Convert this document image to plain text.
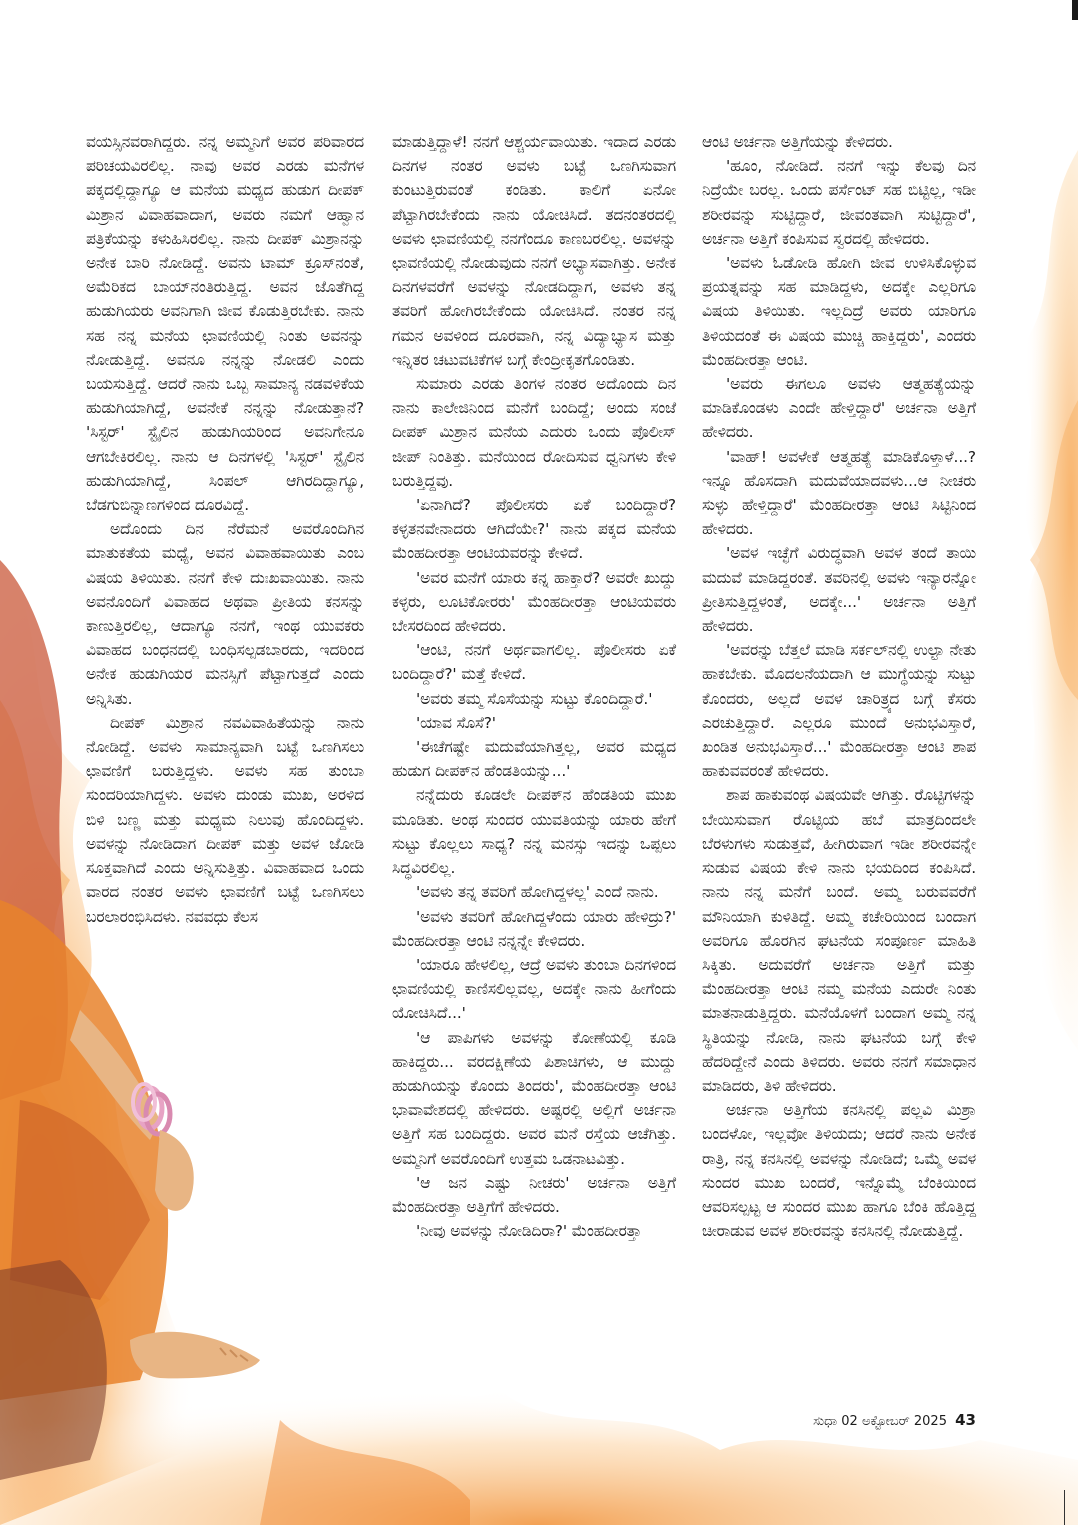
ವಯಸ್ಸಿನವರಾಗಿದ್ದರು. ನನ್ನ ಅಮ್ಮನಿಗೆ ಅವರ ಪರಿವಾರದ ಪರಿಚಯವಿರಲಿಲ್ಲ. ನಾವು ಅವರ ಎರಡು ಮನೆಗಳ ಪಕ್ಕದಲ್ಲಿದ್ದಾಗ್ಯೂ ಆ ಮನೆಯ ಮಧ್ಯದ ಹುಡುಗ ದೀಪಕ್ ಮಿಶ್ರಾನ ವಿವಾಹವಾದಾಗ, ಅವರು ನಮಗೆ ಆಹ್ವಾನ ಪತ್ರಿಕೆಯನ್ನು ಕಳುಹಿಸಿರಲಿಲ್ಲ. ನಾನು ದೀಪಕ್ ಮಿಶ್ರಾನನ್ನು ಅನೇಕ ಬಾರಿ ನೋಡಿದ್ದೆ. ಅವನು ಟಾಮ್ ಕ್ರೂಸ್‌ನಂತೆ, ಅಮೆರಿಕದ ಬಾಯ್‌ನಂತಿರುತ್ತಿದ್ದ. ಅವನ ಜೊತೆಗಿದ್ದ ಹುಡುಗಿಯರು ಅವನಿಗಾಗಿ ಜೀವ ಕೊಡುತ್ತಿರಬೇಕು. ನಾನು ಸಹ ನನ್ನ ಮನೆಯ ಛಾವಣಿಯಲ್ಲಿ ನಿಂತು ಅವನನ್ನು ನೋಡುತ್ತಿದ್ದೆ. ಅವನೂ ನನ್ನನ್ನು ನೋಡಲಿ ಎಂದು ಬಯಸುತ್ತಿದ್ದೆ. ಆದರೆ ನಾನು ಒಬ್ಬ ಸಾಮಾನ್ಯ ನಡವಳಿಕೆಯ ಹುಡುಗಿಯಾಗಿದ್ದೆ, ಅವನೇಕೆ ನನ್ನನ್ನು ನೋಡುತ್ತಾನೆ? 'ಸಿಸ್ಟರ್' ಸ್ಟೈಲಿನ ಹುಡುಗಿಯರಿಂದ ಅವನಿಗೇನೂ ಆಗಬೇಕಿರಲಿಲ್ಲ. ನಾನು ಆ ದಿನಗಳಲ್ಲಿ 'ಸಿಸ್ಟರ್' ಸ್ಟೈಲಿನ ಹುಡುಗಿಯಾಗಿದ್ದೆ, ಸಿಂಪಲ್ ಆಗಿರದಿದ್ದಾಗ್ಯೂ, ಬೆಡಗುಬಿನ್ನಾಣಗಳಿಂದ ದೂರವಿದ್ದೆ.

ಅದೊಂದು ದಿನ ನೆರೆಮನೆ ಅವರೊಂದಿಗಿನ ಮಾತುಕತೆಯ ಮಧ್ಯೆ, ಅವನ ವಿವಾಹವಾಯಿತು ಎಂಬ ವಿಷಯ ತಿಳಿಯಿತು. ನನಗೆ ಕೇಳಿ ದುಃಖವಾಯಿತು. ನಾನು ಅವನೊಂದಿಗೆ ವಿವಾಹದ ಅಥವಾ ಪ್ರೀತಿಯ ಕನಸನ್ನು ಕಾಣುತ್ತಿರಲಿಲ್ಲ, ಆದಾಗ್ಯೂ ನನಗೆ, ಇಂಥ ಯುವಕರು ವಿವಾಹದ ಬಂಧನದಲ್ಲಿ ಬಂಧಿಸಲ್ಪಡಬಾರದು, ಇದರಿಂದ ಅನೇಕ ಹುಡುಗಿಯರ ಮನಸ್ಸಿಗೆ ಪೆಟ್ಟಾಗುತ್ತದೆ ಎಂದು ಅನ್ನಿಸಿತು.

ದೀಪಕ್ ಮಿಶ್ರಾನ ನವವಿವಾಹಿತೆಯನ್ನು ನಾನು ನೋಡಿದ್ದೆ. ಅವಳು ಸಾಮಾನ್ಯವಾಗಿ ಬಟ್ಟೆ ಒಣಗಿಸಲು ಛಾವಣಿಗೆ ಬರುತ್ತಿದ್ದಳು. ಅವಳು ಸಹ ತುಂಬಾ ಸುಂದರಿಯಾಗಿದ್ದಳು. ಅವಳು ದುಂಡು ಮುಖ, ಅರಳಿದ ಬಿಳಿ ಬಣ್ಣ ಮತ್ತು ಮಧ್ಯಮ ನಿಲುವು ಹೊಂದಿದ್ದಳು. ಅವಳನ್ನು ನೋಡಿದಾಗ ದೀಪಕ್ ಮತ್ತು ಅವಳ ಜೋಡಿ ಸೂಕ್ತವಾಗಿದೆ ಎಂದು ಅನ್ನಿಸುತ್ತಿತ್ತು. ವಿವಾಹವಾದ ಒಂದು ವಾರದ ನಂತರ ಅವಳು ಛಾವಣಿಗೆ ಬಟ್ಟೆ ಒಣಗಿಸಲು ಬರಲಾರಂಭಿಸಿದಳು. ನವವಧು ಕೆಲಸ

ಮಾಡುತ್ತಿದ್ದಾಳೆ! ನನಗೆ ಆಶ್ಚರ್ಯವಾಯಿತು. ಇದಾದ ಎರಡು ದಿನಗಳ ನಂತರ ಅವಳು ಬಟ್ಟೆ ಒಣಗಿಸುವಾಗ ಕುಂಟುತ್ತಿರುವಂತೆ ಕಂಡಿತು. ಕಾಲಿಗೆ ಏನೋ ಪೆಟ್ಟಾಗಿರಬೇಕೆಂದು ನಾನು ಯೋಚಿಸಿದೆ. ತದನಂತರದಲ್ಲಿ ಅವಳು ಛಾವಣಿಯಲ್ಲಿ ನನಗೆಂದೂ ಕಾಣಬರಲಿಲ್ಲ. ಅವಳನ್ನು ಛಾವಣಿಯಲ್ಲಿ ನೋಡುವುದು ನನಗೆ ಅಭ್ಯಾಸವಾಗಿತ್ತು. ಅನೇಕ ದಿನಗಳವರೆಗೆ ಅವಳನ್ನು ನೋಡದಿದ್ದಾಗ, ಅವಳು ತನ್ನ ತವರಿಗೆ ಹೋಗಿರಬೇಕೆಂದು ಯೋಚಿಸಿದೆ. ನಂತರ ನನ್ನ ಗಮನ ಅವಳಿಂದ ದೂರವಾಗಿ, ನನ್ನ ವಿದ್ಯಾಭ್ಯಾಸ ಮತ್ತು ಇನ್ನಿತರ ಚಟುವಟಿಕೆಗಳ ಬಗ್ಗೆ ಕೇಂದ್ರೀಕೃತಗೊಂಡಿತು.

ಸುಮಾರು ಎರಡು ತಿಂಗಳ ನಂತರ ಅದೊಂದು ದಿನ ನಾನು ಕಾಲೇಜಿನಿಂದ ಮನೆಗೆ ಬಂದಿದ್ದೆ; ಅಂದು ಸಂಜೆ ದೀಪಕ್ ಮಿಶ್ರಾನ ಮನೆಯ ಎದುರು ಒಂದು ಪೊಲೀಸ್ ಜೀಪ್ ನಿಂತಿತ್ತು. ಮನೆಯಿಂದ ರೋದಿಸುವ ಧ್ವನಿಗಳು ಕೇಳಿ ಬರುತ್ತಿದ್ದವು.

'ಏನಾಗಿದೆ? ಪೊಲೀಸರು ಏಕೆ ಬಂದಿದ್ದಾರೆ? ಕಳ್ಳತನವೇನಾದರು ಆಗಿದೆಯೇ?' ನಾನು ಪಕ್ಕದ ಮನೆಯ ಮೆಂಹದೀರತ್ತಾ ಆಂಟಿಯವರನ್ನು ಕೇಳಿದೆ.

'ಅವರ ಮನೆಗೆ ಯಾರು ಕನ್ನ ಹಾಕ್ತಾರೆ? ಅವರೇ ಖುದ್ದು ಕಳ್ಳರು, ಲೂಟಿಕೋರರು' ಮೆಂಹದೀರತ್ತಾ ಆಂಟಿಯವರು ಬೇಸರದಿಂದ ಹೇಳಿದರು.

'ಆಂಟಿ, ನನಗೆ ಅರ್ಥವಾಗಲಿಲ್ಲ. ಪೊಲೀಸರು ಏಕೆ ಬಂದಿದ್ದಾರೆ?' ಮತ್ತೆ ಕೇಳಿದೆ.

'ಅವರು ತಮ್ಮ ಸೊಸೆಯನ್ನು ಸುಟ್ಟು ಕೊಂದಿದ್ದಾರೆ.'

'ಯಾವ ಸೊಸೆ?'

'ಈಚೆಗಷ್ಟೇ ಮದುವೆಯಾಗಿತ್ತಲ್ಲ, ಅವರ ಮಧ್ಯದ ಹುಡುಗ ದೀಪಕ್‌ನ ಹೆಂಡತಿಯನ್ನು...'

ನನ್ನೆದುರು ಕೂಡಲೇ ದೀಪಕ್‌ನ ಹೆಂಡತಿಯ ಮುಖ ಮೂಡಿತು. ಅಂಥ ಸುಂದರ ಯುವತಿಯನ್ನು ಯಾರು ಹೇಗೆ ಸುಟ್ಟು ಕೊಲ್ಲಲು ಸಾಧ್ಯ? ನನ್ನ ಮನಸ್ಸು ಇದನ್ನು ಒಪ್ಪಲು ಸಿದ್ಧವಿರಲಿಲ್ಲ.

'ಅವಳು ತನ್ನ ತವರಿಗೆ ಹೋಗಿದ್ದಳಲ್ಲ' ಎಂದೆ ನಾನು.

'ಅವಳು ತವರಿಗೆ ಹೋಗಿದ್ದಳೆಂದು ಯಾರು ಹೇಳಿದ್ರು?' ಮೆಂಹದೀರತ್ತಾ ಆಂಟಿ ನನ್ನನ್ನೇ ಕೇಳಿದರು.

'ಯಾರೂ ಹೇಳಲಿಲ್ಲ, ಆದ್ರೆ ಅವಳು ತುಂಬಾ ದಿನಗಳಿಂದ ಛಾವಣಿಯಲ್ಲಿ ಕಾಣಿಸಲಿಲ್ಲವಲ್ಲ, ಅದಕ್ಕೇ ನಾನು ಹೀಗೆಂದು ಯೋಚಿಸಿದೆ...'

'ಆ ಪಾಪಿಗಳು ಅವಳನ್ನು ಕೋಣೆಯಲ್ಲಿ ಕೂಡಿ ಹಾಕಿದ್ದರು... ವರದಕ್ಷಿಣೆಯ ಪಿಶಾಚಿಗಳು, ಆ ಮುದ್ದು ಹುಡುಗಿಯನ್ನು ಕೊಂದು ತಿಂದರು', ಮೆಂಹದೀರತ್ತಾ ಆಂಟಿ ಭಾವಾವೇಶದಲ್ಲಿ ಹೇಳಿದರು. ಅಷ್ಟರಲ್ಲಿ ಅಲ್ಲಿಗೆ ಅರ್ಚನಾ ಅತ್ತಿಗೆ ಸಹ ಬಂದಿದ್ದರು. ಅವರ ಮನೆ ರಸ್ತೆಯ ಆಚೆಗಿತ್ತು. ಅಮ್ಮನಿಗೆ ಅವರೊಂದಿಗೆ ಉತ್ತಮ ಒಡನಾಟವಿತ್ತು.

'ಆ ಜನ ಎಷ್ಟು ನೀಚರು' ಅರ್ಚನಾ ಅತ್ತಿಗೆ ಮೆಂಹದೀರತ್ತಾ ಅತ್ತಿಗೆಗೆ ಹೇಳಿದರು.

'ನೀವು ಅವಳನ್ನು ನೋಡಿದಿರಾ?' ಮೆಂಹದೀರತ್ತಾ

ಆಂಟಿ ಅರ್ಚನಾ ಅತ್ತಿಗೆಯನ್ನು ಕೇಳಿದರು.

'ಹೂಂ, ನೋಡಿದೆ. ನನಗೆ ಇನ್ನು ಕೆಲವು ದಿನ ನಿದ್ರೆಯೇ ಬರಲ್ಲ. ಒಂದು ಪರ್ಸೆಂಟ್ ಸಹ ಬಿಟ್ಟಿಲ್ಲ, ಇಡೀ ಶರೀರವನ್ನು ಸುಟ್ಟಿದ್ದಾರೆ, ಜೀವಂತವಾಗಿ ಸುಟ್ಟಿದ್ದಾರೆ', ಅರ್ಚನಾ ಅತ್ತಿಗೆ ಕಂಪಿಸುವ ಸ್ವರದಲ್ಲಿ ಹೇಳಿದರು.

'ಅವಳು ಓಡೋಡಿ ಹೋಗಿ ಜೀವ ಉಳಿಸಿಕೊಳ್ಳುವ ಪ್ರಯತ್ನವನ್ನು ಸಹ ಮಾಡಿದ್ದಳು, ಅದಕ್ಕೇ ಎಲ್ಲರಿಗೂ ವಿಷಯ ತಿಳಿಯಿತು. ಇಲ್ಲದಿದ್ರೆ ಅವರು ಯಾರಿಗೂ ತಿಳಿಯದಂತೆ ಈ ವಿಷಯ ಮುಚ್ಚಿ ಹಾಕ್ತಿದ್ದರು', ಎಂದರು ಮೆಂಹದೀರತ್ತಾ ಆಂಟಿ.

'ಅವರು ಈಗಲೂ ಅವಳು ಆತ್ಮಹತ್ಯೆಯನ್ನು ಮಾಡಿಕೊಂಡಳು ಎಂದೇ ಹೇಳ್ತಿದ್ದಾರೆ' ಅರ್ಚನಾ ಅತ್ತಿಗೆ ಹೇಳಿದರು.

'ವಾಹ್! ಅವಳೇಕೆ ಆತ್ಮಹತ್ಯೆ ಮಾಡಿಕೊಳ್ತಾಳೆ...? ಇನ್ನೂ ಹೊಸದಾಗಿ ಮದುವೆಯಾದವಳು...ಆ ನೀಚರು ಸುಳ್ಳು ಹೇಳ್ತಿದ್ದಾರೆ' ಮೆಂಹದೀರತ್ತಾ ಆಂಟಿ ಸಿಟ್ಟಿನಿಂದ ಹೇಳಿದರು.

'ಅವಳ ಇಚ್ಛೆಗೆ ವಿರುದ್ಧವಾಗಿ ಅವಳ ತಂದೆ ತಾಯಿ ಮದುವೆ ಮಾಡಿದ್ದರಂತೆ. ತವರಿನಲ್ಲಿ ಅವಳು ಇನ್ಯಾರನ್ನೋ ಪ್ರೀತಿಸುತ್ತಿದ್ದಳಂತೆ, ಅದಕ್ಕೇ...' ಅರ್ಚನಾ ಅತ್ತಿಗೆ ಹೇಳಿದರು.

'ಅವರನ್ನು ಬೆತ್ತಲೆ ಮಾಡಿ ಸರ್ಕಲ್‌ನಲ್ಲಿ ಉಲ್ಟಾ ನೇತು ಹಾಕಬೇಕು. ಮೊದಲನೆಯದಾಗಿ ಆ ಮುಗ್ಧೆಯನ್ನು ಸುಟ್ಟು ಕೊಂದರು, ಅಲ್ಲದೆ ಅವಳ ಚಾರಿತ್ರ್ಯದ ಬಗ್ಗೆ ಕೆಸರು ಎರಚುತ್ತಿದ್ದಾರೆ. ಎಲ್ಲರೂ ಮುಂದೆ ಅನುಭವಿಸ್ತಾರೆ, ಖಂಡಿತ ಅನುಭವಿಸ್ತಾರೆ...' ಮೆಂಹದೀರತ್ತಾ ಆಂಟಿ ಶಾಪ ಹಾಕುವವರಂತೆ ಹೇಳಿದರು.

ಶಾಪ ಹಾಕುವಂಥ ವಿಷಯವೇ ಆಗಿತ್ತು. ರೊಟ್ಟಿಗಳನ್ನು ಬೇಯಿಸುವಾಗ ರೊಟ್ಟಿಯ ಹಬೆ ಮಾತ್ರದಿಂದಲೇ ಬೆರಳುಗಳು ಸುಡುತ್ತವೆ, ಹೀಗಿರುವಾಗ ಇಡೀ ಶರೀರವನ್ನೇ ಸುಡುವ ವಿಷಯ ಕೇಳಿ ನಾನು ಭಯದಿಂದ ಕಂಪಿಸಿದೆ. ನಾನು ನನ್ನ ಮನೆಗೆ ಬಂದೆ. ಅಮ್ಮ ಬರುವವರೆಗೆ ಮೌನಿಯಾಗಿ ಕುಳಿತಿದ್ದೆ. ಅಮ್ಮ ಕಚೇರಿಯಿಂದ ಬಂದಾಗ ಅವರಿಗೂ ಹೊರಗಿನ ಘಟನೆಯ ಸಂಪೂರ್ಣ ಮಾಹಿತಿ ಸಿಕ್ಕಿತು. ಅದುವರೆಗೆ ಅರ್ಚನಾ ಅತ್ತಿಗೆ ಮತ್ತು ಮೆಂಹದೀರತ್ತಾ ಆಂಟಿ ನಮ್ಮ ಮನೆಯ ಎದುರೇ ನಿಂತು ಮಾತನಾಡುತ್ತಿದ್ದರು. ಮನೆಯೊಳಗೆ ಬಂದಾಗ ಅಮ್ಮ ನನ್ನ ಸ್ಥಿತಿಯನ್ನು ನೋಡಿ, ನಾನು ಘಟನೆಯ ಬಗ್ಗೆ ಕೇಳಿ ಹೆದರಿದ್ದೇನೆ ಎಂದು ತಿಳಿದರು. ಅವರು ನನಗೆ ಸಮಾಧಾನ ಮಾಡಿದರು, ತಿಳಿ ಹೇಳಿದರು.

ಅರ್ಚನಾ ಅತ್ತಿಗೆಯ ಕನಸಿನಲ್ಲಿ ಪಲ್ಲವಿ ಮಿಶ್ರಾ ಬಂದಳೋ, ಇಲ್ಲವೋ ತಿಳಿಯದು; ಆದರೆ ನಾನು ಅನೇಕ ರಾತ್ರಿ, ನನ್ನ ಕನಸಿನಲ್ಲಿ ಅವಳನ್ನು ನೋಡಿದೆ; ಒಮ್ಮೆ ಅವಳ ಸುಂದರ ಮುಖ ಬಂದರೆ, ಇನ್ನೊಮ್ಮೆ ಬೆಂಕಿಯಿಂದ ಆವರಿಸಲ್ಪಟ್ಟ ಆ ಸುಂದರ ಮುಖ ಹಾಗೂ ಬೆಂಕಿ ಹೊತ್ತಿದ್ದ ಚೀರಾಡುವ ಅವಳ ಶರೀರವನ್ನು ಕನಸಿನಲ್ಲಿ ನೋಡುತ್ತಿದ್ದೆ.

ಸುಧಾ 02 ಅಕ್ಟೋಬರ್ 2025 43
